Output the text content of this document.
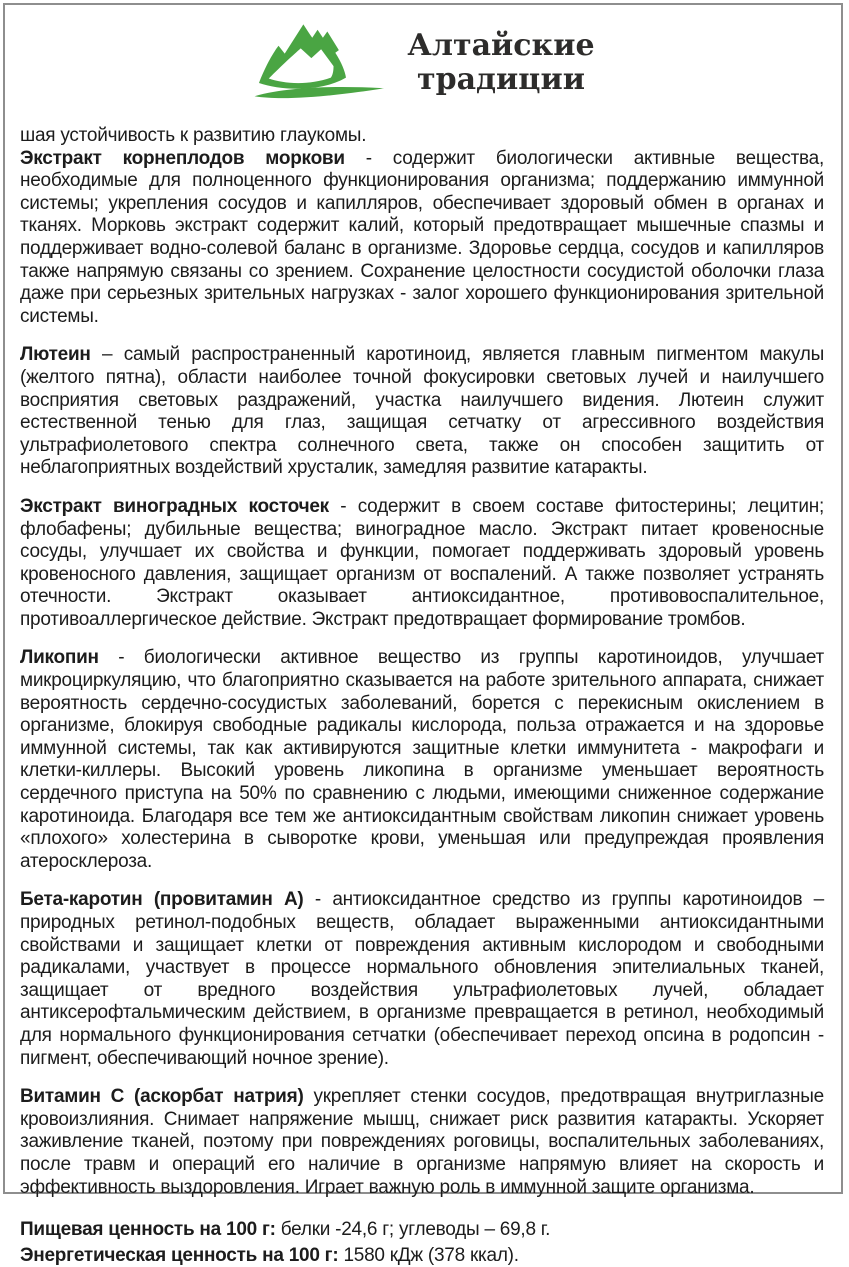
Алтайские
традиции

шая устойчивость к развитию глаукомы.

Экстракт корнеплодов моркови - содержит биологически активные вещества, необходимые для полноценного функционирования организма; поддержанию иммунной системы; укрепления сосудов и капилляров, обеспечивает здоровый обмен в органах и тканях. Морковь экстракт содержит калий, который предотвращает мышечные спазмы и поддерживает водно-солевой баланс в организме. Здоровье сердца, сосудов и капилляров также напрямую связаны со зрением. Сохранение целостности сосудистой оболочки глаза даже при серьезных зрительных нагрузках - залог хорошего функционирования зрительной системы.

Лютеин – самый распространенный каротиноид, является главным пигментом макулы (желтого пятна), области наиболее точной фокусировки световых лучей и наилучшего восприятия световых раздражений, участка наилучшего видения. Лютеин служит естественной тенью для глаз, защищая сетчатку от агрессивного воздействия ультрафиолетового спектра солнечного света, также он способен защитить от неблагоприятных воздействий хрусталик, замедляя развитие катаракты.

Экстракт виноградных косточек - содержит в своем составе фитостерины; лецитин; флобафены; дубильные вещества; виноградное масло. Экстракт питает кровеносные сосуды, улучшает их свойства и функции, помогает поддерживать здоровый уровень кровеносного давления, защищает организм от воспалений. А также позволяет устранять отечности. Экстракт оказывает антиоксидантное, противовоспалительное, противоаллергическое действие. Экстракт предотвращает формирование тромбов.

Ликопин - биологически активное вещество из группы каротиноидов, улучшает микроциркуляцию, что благоприятно сказывается на работе зрительного аппарата, снижает вероятность сердечно-сосудистых заболеваний, борется с перекисным окислением в организме, блокируя свободные радикалы кислорода, польза отражается и на здоровье иммунной системы, так как активируются защитные клетки иммунитета - макрофаги и клетки-киллеры. Высокий уровень ликопина в организме уменьшает вероятность сердечного приступа на 50% по сравнению с людьми, имеющими сниженное содержание каротиноида. Благодаря все тем же антиоксидантным свойствам ликопин снижает уровень «плохого» холестерина в сыворотке крови, уменьшая или предупреждая проявления атеросклероза.

Бета-каротин (провитамин А) - антиоксидантное средство из группы каротиноидов – природных ретинол-подобных веществ, обладает выраженными антиоксидантными свойствами и защищает клетки от повреждения активным кислородом и свободными радикалами, участвует в процессе нормального обновления эпителиальных тканей, защищает от вредного воздействия ультрафиолетовых лучей, обладает антиксерофтальмическим действием, в организме превращается в ретинол, необходимый для нормального функционирования сетчатки (обеспечивает переход опсина в родопсин - пигмент, обеспечивающий ночное зрение).

Витамин С (аскорбат натрия) укрепляет стенки сосудов, предотвращая внутриглазные кровоизлияния. Снимает напряжение мышц, снижает риск развития катаракты. Ускоряет заживление тканей, поэтому при повреждениях роговицы, воспалительных заболеваниях, после травм и операций его наличие в организме напрямую влияет на скорость и эффективность выздоровления. Играет важную роль в иммунной защите организма.

Пищевая ценность на 100 г: белки -24,6 г; углеводы – 69,8 г.

Энергетическая ценность на 100 г: 1580 кДж (378 ккал).
